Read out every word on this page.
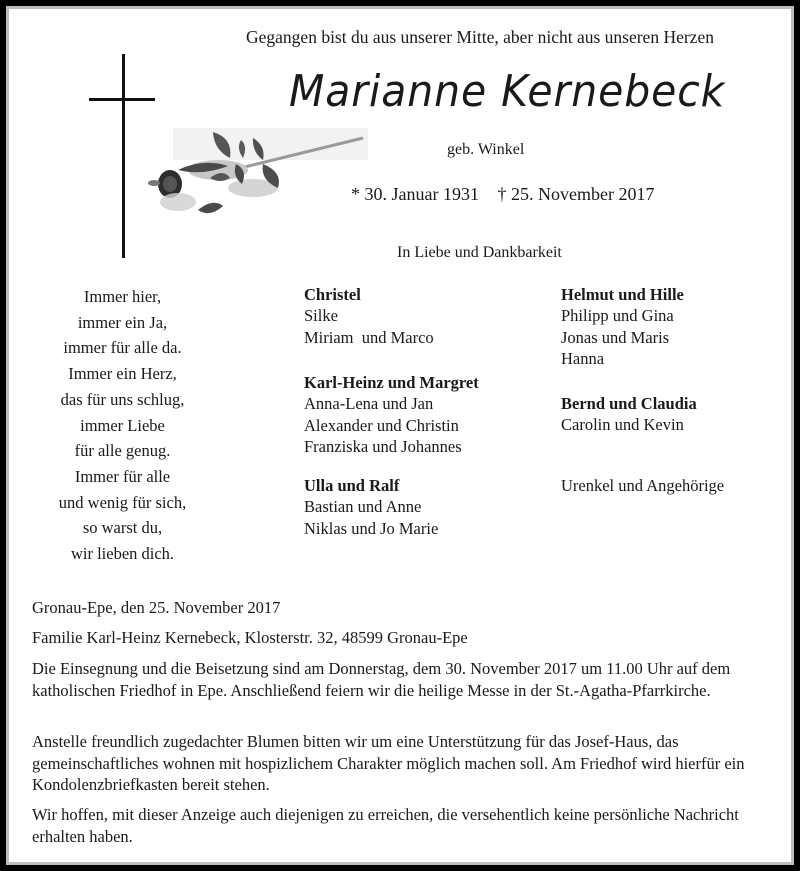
Gegangen bist du aus unserer Mitte, aber nicht aus unseren Herzen
Marianne Kernebeck
geb. Winkel
* 30. Januar 1931 † 25. November 2017
In Liebe und Dankbarkeit
Immer hier,
immer ein Ja,
immer für alle da.
Immer ein Herz,
das für uns schlug,
immer Liebe
für alle genug.
Immer für alle
und wenig für sich,
so warst du,
wir lieben dich.
Christel
Silke
Miriam  und Marco
Karl-Heinz und Margret
Anna-Lena und Jan
Alexander und Christin
Franziska und Johannes
Ulla und Ralf
Bastian und Anne
Niklas und Jo Marie
Helmut und Hille
Philipp und Gina
Jonas und Maris
Hanna
Bernd und Claudia
Carolin und Kevin
Urenkel und Angehörige

Gronau-Epe, den 25. November 2017

Familie Karl-Heinz Kernebeck, Klosterstr. 32, 48599 Gronau-Epe

Die Einsegnung und die Beisetzung sind am Donnerstag, dem 30. November 2017 um 11.00 Uhr auf dem katholischen Friedhof in Epe. Anschließend feiern wir die heilige Messe in der St.-Agatha-Pfarrkirche.

Anstelle freundlich zugedachter Blumen bitten wir um eine Unterstützung für das Josef-Haus, das gemeinschaftliches wohnen mit hospizlichem Charakter möglich machen soll. Am Friedhof wird hierfür ein Kondolenzbriefkasten bereit stehen.

Wir hoffen, mit dieser Anzeige auch diejenigen zu erreichen, die versehentlich keine persönliche Nachricht erhalten haben.
